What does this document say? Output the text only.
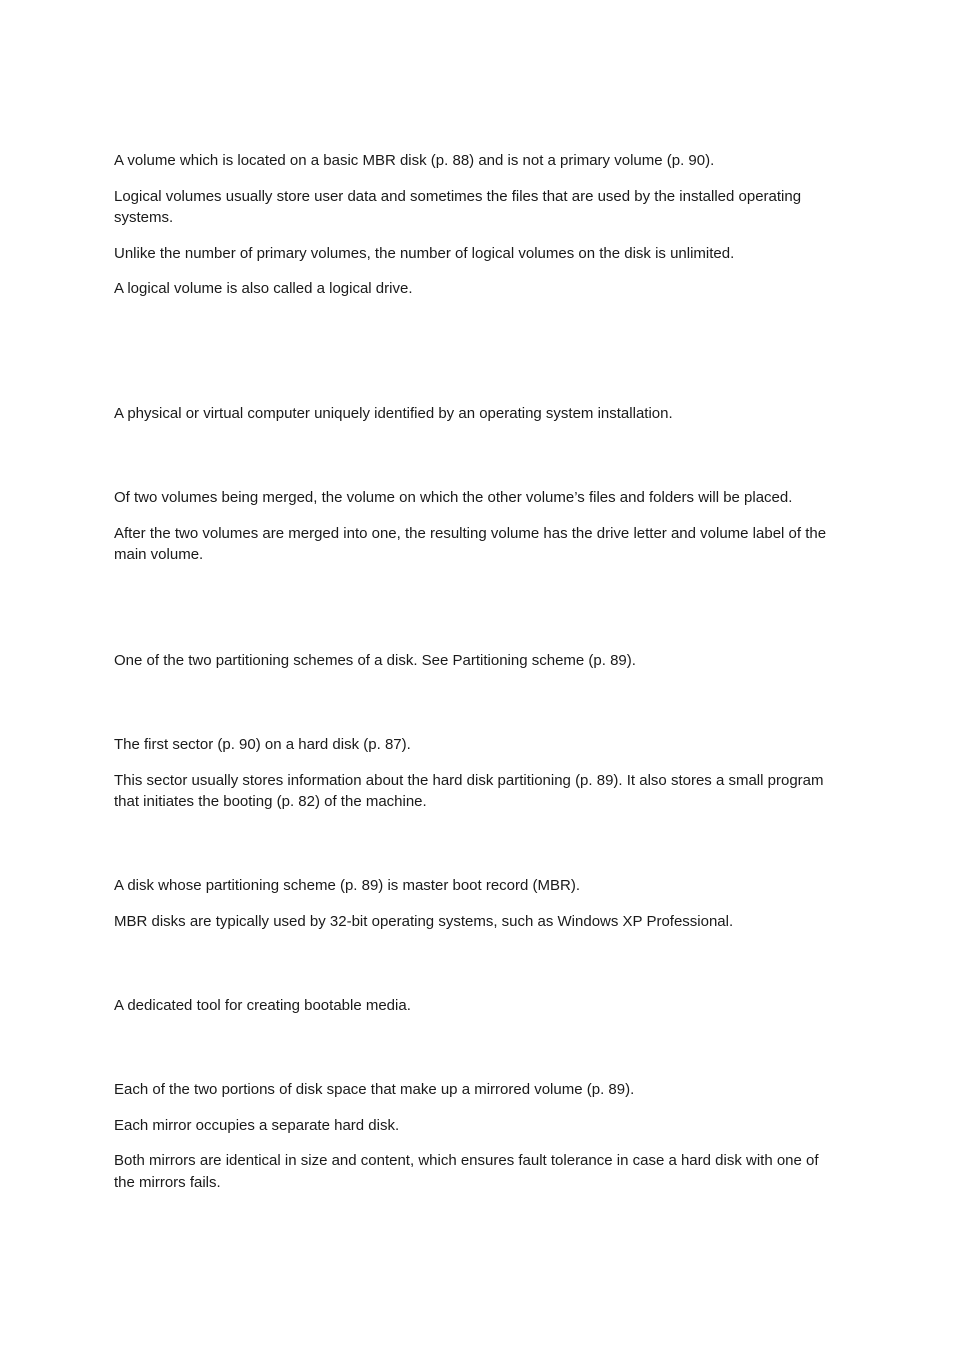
A volume which is located on a basic MBR disk (p. 88) and is not a primary volume (p. 90).

Logical volumes usually store user data and sometimes the files that are used by the installed operating systems.

Unlike the number of primary volumes, the number of logical volumes on the disk is unlimited.

A logical volume is also called a logical drive.

A physical or virtual computer uniquely identified by an operating system installation.

Of two volumes being merged, the volume on which the other volume’s files and folders will be placed.

After the two volumes are merged into one, the resulting volume has the drive letter and volume label of the main volume.

One of the two partitioning schemes of a disk. See Partitioning scheme (p. 89).

The first sector (p. 90) on a hard disk (p. 87).

This sector usually stores information about the hard disk partitioning (p. 89). It also stores a small program that initiates the booting (p. 82) of the machine.

A disk whose partitioning scheme (p. 89) is master boot record (MBR).

MBR disks are typically used by 32-bit operating systems, such as Windows XP Professional.

A dedicated tool for creating bootable media.

Each of the two portions of disk space that make up a mirrored volume (p. 89).

Each mirror occupies a separate hard disk.

Both mirrors are identical in size and content, which ensures fault tolerance in case a hard disk with one of the mirrors fails.
